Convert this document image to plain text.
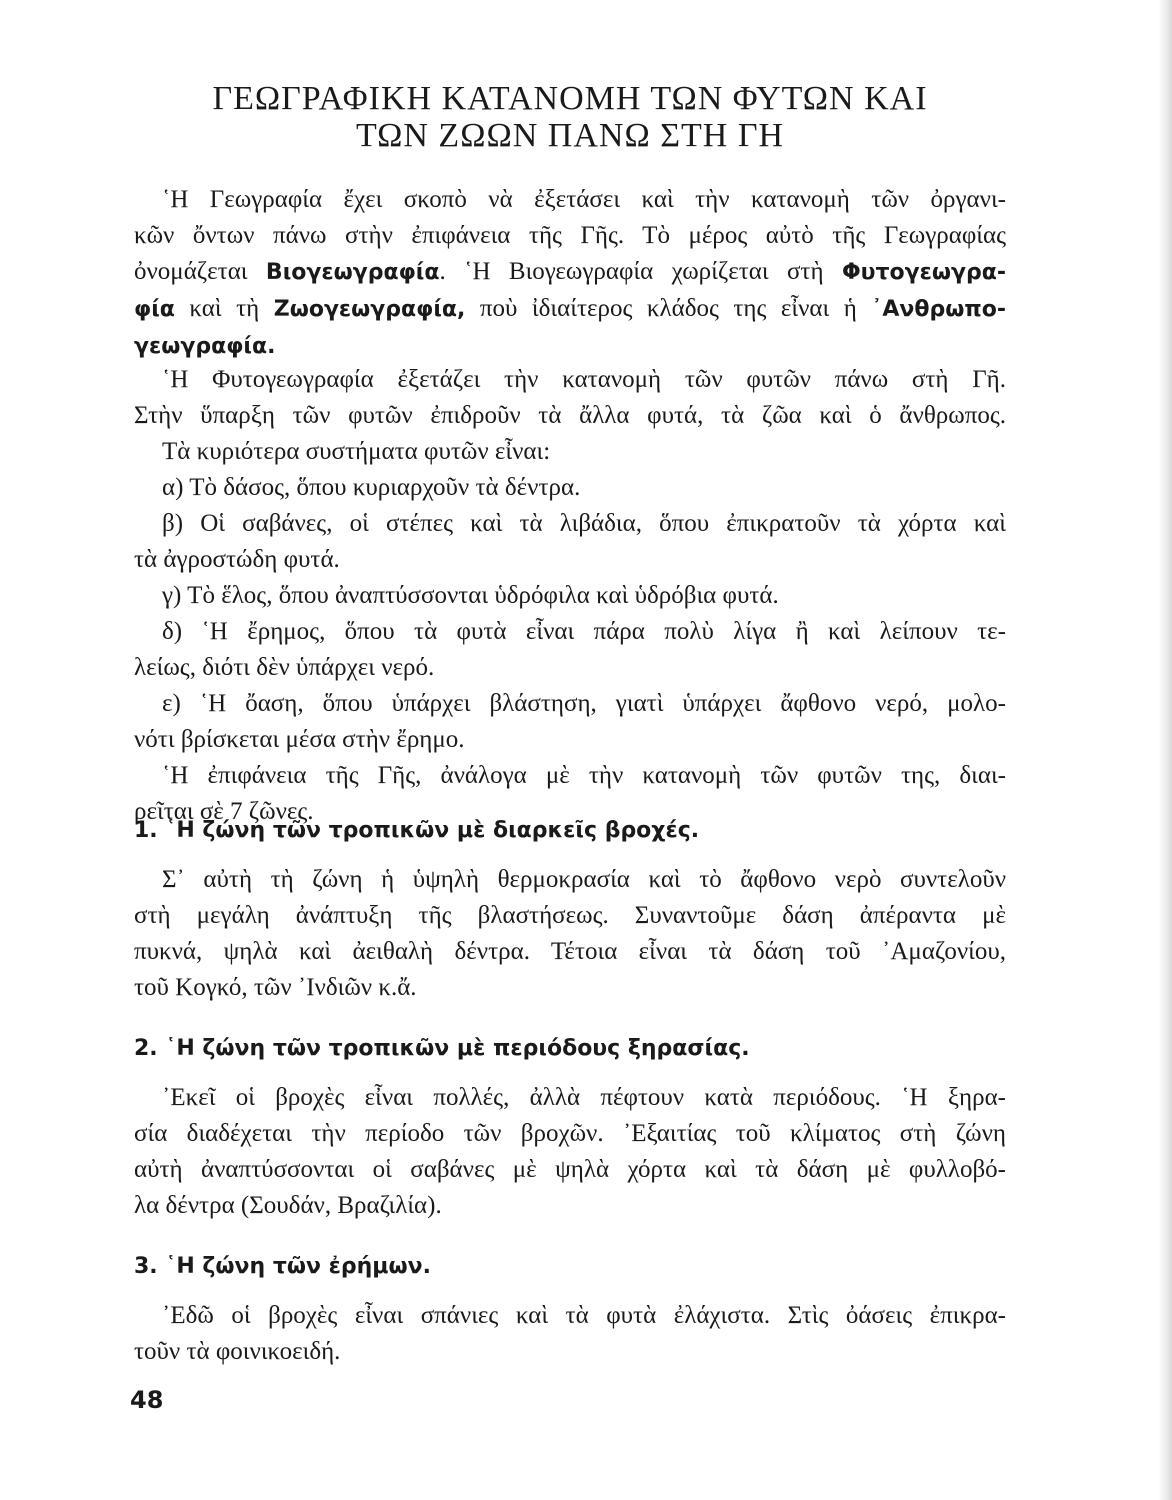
ΓΕΩΓΡΑΦΙΚΗ ΚΑΤΑΝΟΜΗ ΤΩΝ ΦΥΤΩΝ ΚΑΙ
ΤΩΝ ΖΩΩΝ ΠΑΝΩ ΣΤΗ ΓΗ
῾Η Γεωγραφία ἔχει σκοπὸ νὰ ἐξετάσει καὶ τὴν κατανομὴ τῶν ὀργανι-
κῶν ὄντων πάνω στὴν ἐπιφάνεια τῆς Γῆς. Τὸ μέρος αὐτὸ τῆς Γεωγραφίας
ὀνομάζεται Βιογεωγραφία. ῾Η Βιογεωγραφία χωρίζεται στὴ Φυτογεωγρα-
φία καὶ τὴ Ζωογεωγραφία, ποὺ ἰδιαίτερος κλάδος της εἶναι ἡ ᾿Ανθρωπο-
γεωγραφία.
῾Η Φυτογεωγραφία ἐξετάζει τὴν κατανομὴ τῶν φυτῶν πάνω στὴ Γῆ.
Στὴν ὕπαρξη τῶν φυτῶν ἐπιδροῦν τὰ ἄλλα φυτά, τὰ ζῶα καὶ ὁ ἄνθρωπος.
Τὰ κυριότερα συστήματα φυτῶν εἶναι:
α) Τὸ δάσος, ὅπου κυριαρχοῦν τὰ δέντρα.
β) Οἱ σαβάνες, οἱ στέπες καὶ τὰ λιβάδια, ὅπου ἐπικρατοῦν τὰ χόρτα καὶ
τὰ ἀγροστώδη φυτά.
γ) Τὸ ἕλος, ὅπου ἀναπτύσσονται ὑδρόφιλα καὶ ὑδρόβια φυτά.
δ) ῾Η ἔρημος, ὅπου τὰ φυτὰ εἶναι πάρα πολὺ λίγα ἢ καὶ λείπουν τε-
λείως, διότι δὲν ὑπάρχει νερό.
ε) ῾Η ὄαση, ὅπου ὑπάρχει βλάστηση, γιατὶ ὑπάρχει ἄφθονο νερό, μολο-
νότι βρίσκεται μέσα στὴν ἔρημο.
῾Η ἐπιφάνεια τῆς Γῆς, ἀνάλογα μὲ τὴν κατανομὴ τῶν φυτῶν της, διαι-
ρεῖται σὲ 7 ζῶνες.
1. ῾Η ζώνη τῶν τροπικῶν μὲ διαρκεῖς βροχές.
Σ᾿ αὐτὴ τὴ ζώνη ἡ ὑψηλὴ θερμοκρασία καὶ τὸ ἄφθονο νερὸ συντελοῦν
στὴ μεγάλη ἀνάπτυξη τῆς βλαστήσεως. Συναντοῦμε δάση ἀπέραντα μὲ
πυκνά, ψηλὰ καὶ ἀειθαλὴ δέντρα. Τέτοια εἶναι τὰ δάση τοῦ ᾿Αμαζονίου,
τοῦ Κογκό, τῶν ᾿Ινδιῶν κ.ἄ.
2. ῾Η ζώνη τῶν τροπικῶν μὲ περιόδους ξηρασίας.
᾿Εκεῖ οἱ βροχὲς εἶναι πολλές, ἀλλὰ πέφτουν κατὰ περιόδους. ῾Η ξηρα-
σία διαδέχεται τὴν περίοδο τῶν βροχῶν. ᾿Εξαιτίας τοῦ κλίματος στὴ ζώνη
αὐτὴ ἀναπτύσσονται οἱ σαβάνες μὲ ψηλὰ χόρτα καὶ τὰ δάση μὲ φυλλοβό-
λα δέντρα (Σουδάν, Βραζιλία).
3. ῾Η ζώνη τῶν ἐρήμων.
᾿Εδῶ οἱ βροχὲς εἶναι σπάνιες καὶ τὰ φυτὰ ἐλάχιστα. Στὶς ὀάσεις ἐπικρα-
τοῦν τὰ φοινικοειδή.
48
